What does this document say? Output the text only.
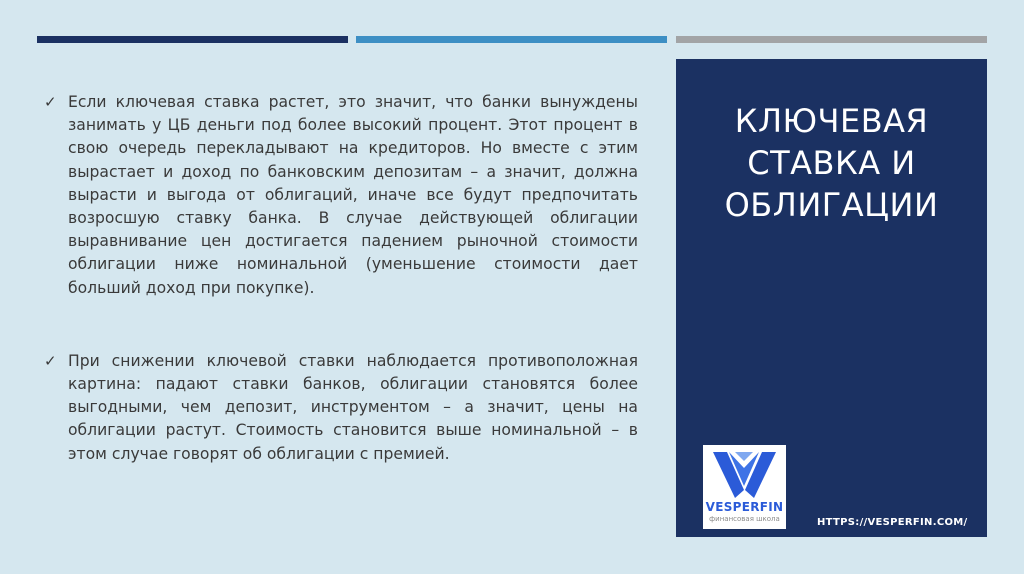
✓ Если ключевая ставка растет, это значит, что банки вынуждены занимать у ЦБ деньги под более высокий процент. Этот процент в свою очередь перекладывают на кредиторов. Но вместе с этим вырастает и доход по банковским депозитам – а значит, должна вырасти и выгода от облигаций, иначе все будут предпочитать возросшую ставку банка. В случае действующей облигации выравнивание цен достигается падением рыночной стоимости облигации ниже номинальной (уменьшение стоимости дает больший доход при покупке).
✓ При снижении ключевой ставки наблюдается противоположная картина: падают ставки банков, облигации становятся более выгодными, чем депозит, инструментом – а значит, цены на облигации растут. Стоимость становится выше номинальной – в этом случае говорят об облигации с премией.
КЛЮЧЕВАЯ СТАВКА И ОБЛИГАЦИИ
VESPERFIN
финансовая школа	HTTPS://VESPERFIN.COM/
